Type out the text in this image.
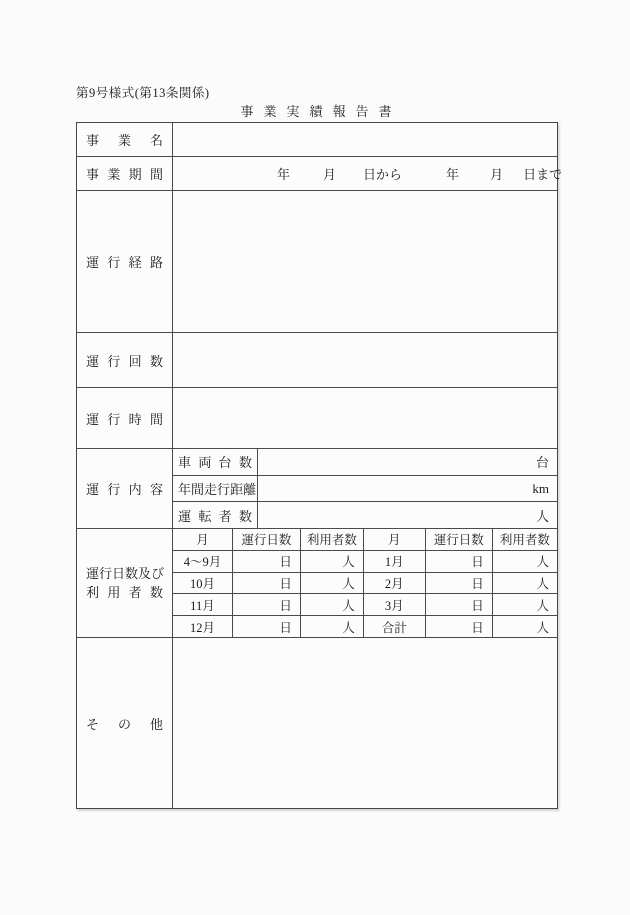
第9号様式(第13条関係)
事業実績報告書
事 業 名
事 業 期 間	年	月 日から	年 月 日まで
運 行 経 路
運 行 回 数
運 行 時 間
運 行 内 容
車 両 台 数	台
年 間 走 行 距 離	km
運 転 者 数	人
運 行 日 数 及 び
利 用 者 数
月	運行日数	利用者数	月	運行日数	利用者数
4〜9月	日	人	1月	日	人
10月	日	人	2月	日	人
11月	日	人	3月	日	人
12月	日	人	合計	日	人
そ の 他
